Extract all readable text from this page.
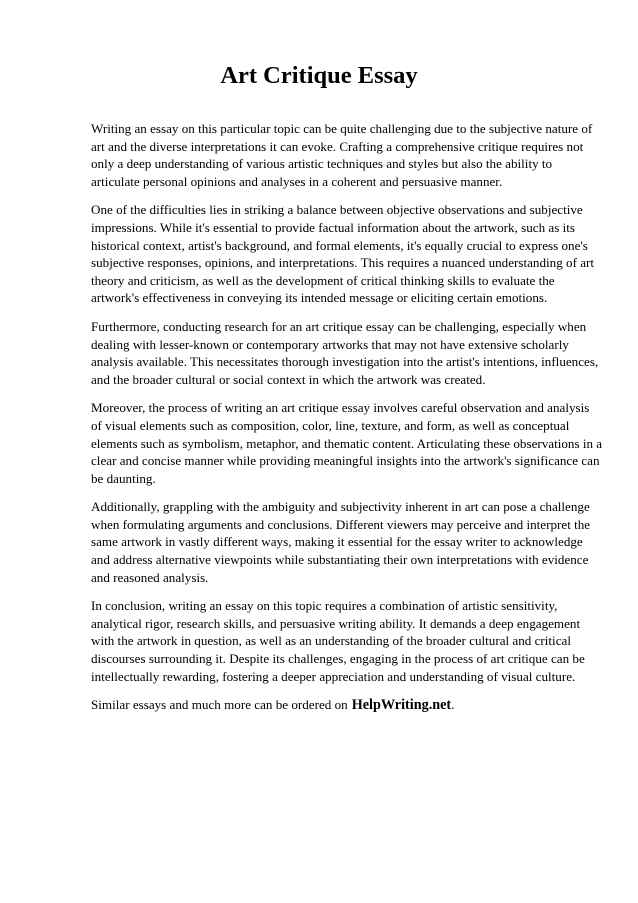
Art Critique Essay

Writing an essay on this particular topic can be quite challenging due to the subjective nature of art and the diverse interpretations it can evoke. Crafting a comprehensive critique requires not only a deep understanding of various artistic techniques and styles but also the ability to articulate personal opinions and analyses in a coherent and persuasive manner.

One of the difficulties lies in striking a balance between objective observations and subjective impressions. While it's essential to provide factual information about the artwork, such as its historical context, artist's background, and formal elements, it's equally crucial to express one's subjective responses, opinions, and interpretations. This requires a nuanced understanding of art theory and criticism, as well as the development of critical thinking skills to evaluate the artwork's effectiveness in conveying its intended message or eliciting certain emotions.

Furthermore, conducting research for an art critique essay can be challenging, especially when dealing with lesser-known or contemporary artworks that may not have extensive scholarly analysis available. This necessitates thorough investigation into the artist's intentions, influences, and the broader cultural or social context in which the artwork was created.

Moreover, the process of writing an art critique essay involves careful observation and analysis of visual elements such as composition, color, line, texture, and form, as well as conceptual elements such as symbolism, metaphor, and thematic content. Articulating these observations in a clear and concise manner while providing meaningful insights into the artwork's significance can be daunting.

Additionally, grappling with the ambiguity and subjectivity inherent in art can pose a challenge when formulating arguments and conclusions. Different viewers may perceive and interpret the same artwork in vastly different ways, making it essential for the essay writer to acknowledge and address alternative viewpoints while substantiating their own interpretations with evidence and reasoned analysis.

In conclusion, writing an essay on this topic requires a combination of artistic sensitivity, analytical rigor, research skills, and persuasive writing ability. It demands a deep engagement with the artwork in question, as well as an understanding of the broader cultural and critical discourses surrounding it. Despite its challenges, engaging in the process of art critique can be intellectually rewarding, fostering a deeper appreciation and understanding of visual culture.

Similar essays and much more can be ordered on HelpWriting.net.
